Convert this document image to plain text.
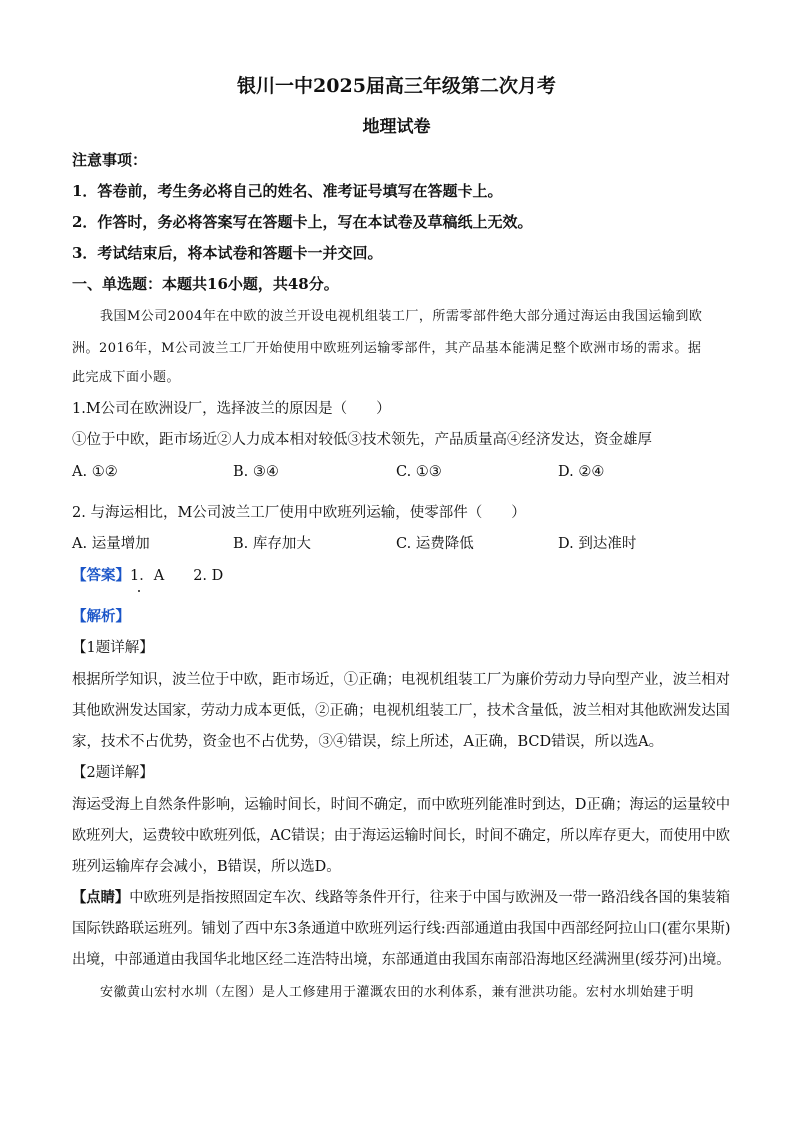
银川一中2025届高三年级第二次月考
地理试卷
注意事项：
1．答卷前，考生务必将自己的姓名、准考证号填写在答题卡上。
2．作答时，务必将答案写在答题卡上，写在本试卷及草稿纸上无效。
3．考试结束后，将本试卷和答题卡一并交回。
一、单选题：本题共16小题，共48分。
我国M公司2004年在中欧的波兰开设电视机组装工厂，所需零部件绝大部分通过海运由我国运输到欧
洲。2016年，M公司波兰工厂开始使用中欧班列运输零部件，其产品基本能满足整个欧洲市场的需求。据
此完成下面小题。
1.M公司在欧洲设厂，选择波兰的原因是（　　）
①位于中欧，距市场近②人力成本相对较低③技术领先，产品质量高④经济发达，资金雄厚
A. ①②	B. ③④	C. ①③	D. ②④
2. 与海运相比，M公司波兰工厂使用中欧班列运输，使零部件（　　）
A. 运量增加	B. 库存加大	C. 运费降低	D. 到达准时
【答案】1．A　　2. D
【解析】
【1题详解】
根据所学知识，波兰位于中欧，距市场近，①正确；电视机组装工厂为廉价劳动力导向型产业，波兰相对
其他欧洲发达国家，劳动力成本更低，②正确；电视机组装工厂，技术含量低，波兰相对其他欧洲发达国
家，技术不占优势，资金也不占优势，③④错误，综上所述，A正确，BCD错误，所以选A。
【2题详解】
海运受海上自然条件影响，运输时间长，时间不确定，而中欧班列能准时到达，D正确；海运的运量较中
欧班列大，运费较中欧班列低，AC错误；由于海运运输时间长，时间不确定，所以库存更大，而使用中欧
班列运输库存会减小，B错误，所以选D。
【点睛】中欧班列是指按照固定车次、线路等条件开行，往来于中国与欧洲及一带一路沿线各国的集装箱
国际铁路联运班列。铺划了西中东3条通道中欧班列运行线:西部通道由我国中西部经阿拉山口(霍尔果斯)
出境，中部通道由我国华北地区经二连浩特出境，东部通道由我国东南部沿海地区经满洲里(绥芬河)出境。
安徽黄山宏村水圳（左图）是人工修建用于灌溉农田的水利体系，兼有泄洪功能。宏村水圳始建于明
